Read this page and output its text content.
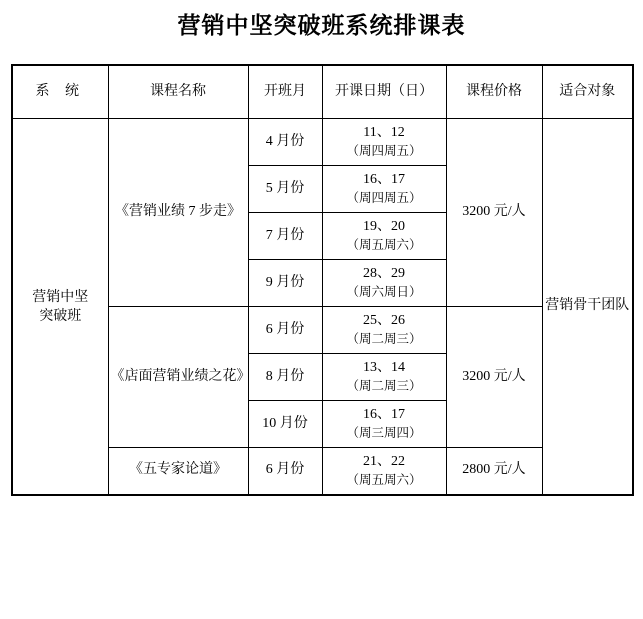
营销中坚突破班系统排课表
系 统	课程名称	开班月	开课日期（日）	课程价格	适合对象
营销中坚
突破班	《营销业绩 7 步走》	4 月份	11、12
（周四周五）	3200 元/人	营销骨干团队
		5 月份	16、17
（周四周五）		

		7 月份	19、20
（周五周六）		

		9 月份	28、29
（周六周日）		

	《店面营销业绩之花》	6 月份	25、26
（周二周三）	3200 元/人	
		8 月份	13、14
（周二周三）		

		10 月份	16、17
（周三周四）		

	《五专家论道》	6 月份	21、22
（周五周六）	2800 元/人	
